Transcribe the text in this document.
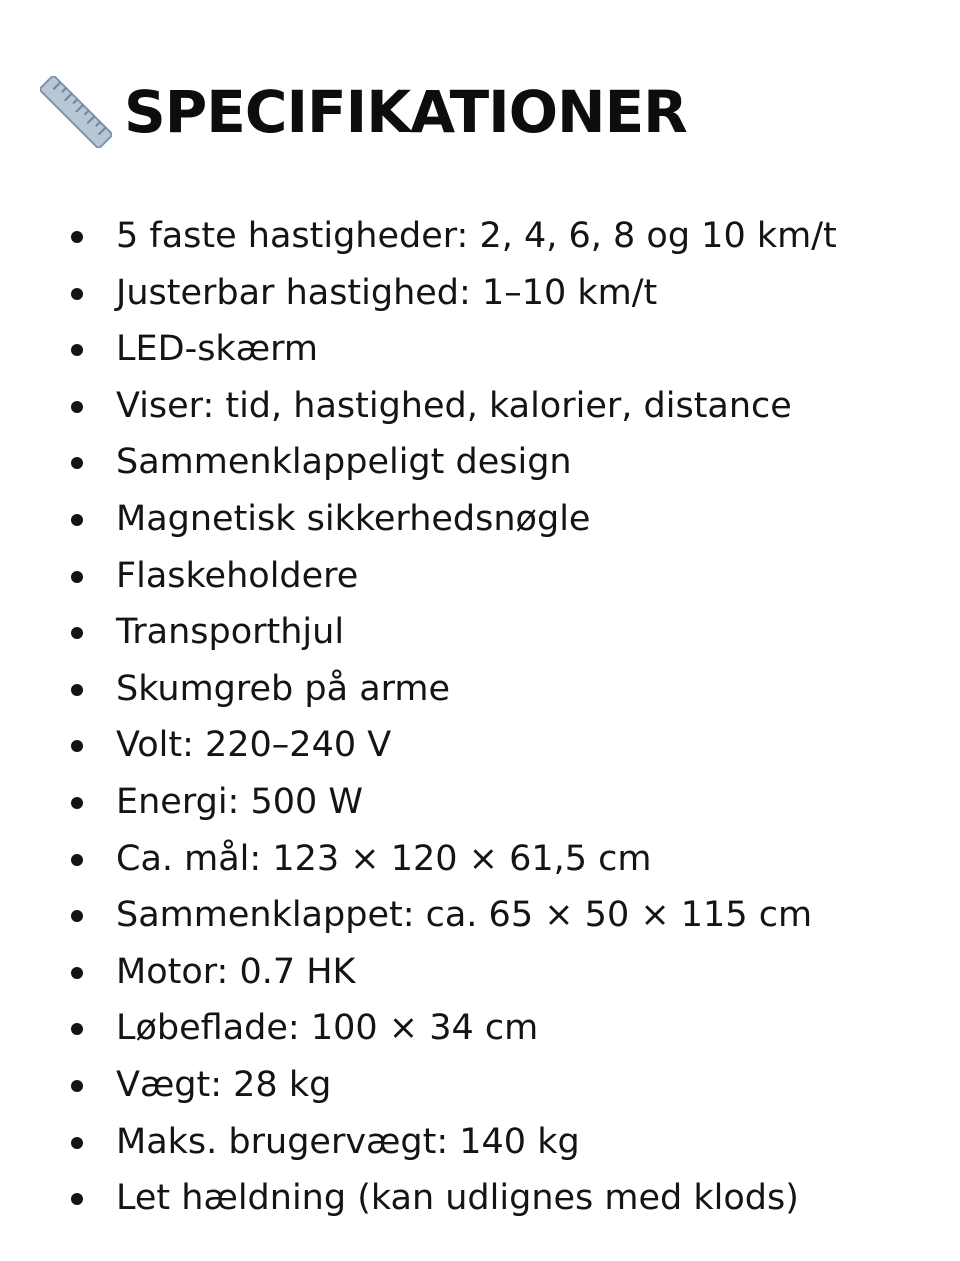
SPECIFIKATIONER
5 faste hastigheder: 2, 4, 6, 8 og 10 km/t
Justerbar hastighed: 1–10 km/t
LED-skærm
Viser: tid, hastighed, kalorier, distance
Sammenklappeligt design
Magnetisk sikkerhedsnøgle
Flaskeholdere
Transporthjul
Skumgreb på arme
Volt: 220–240 V
Energi: 500 W
Ca. mål: 123 × 120 × 61,5 cm
Sammenklappet: ca. 65 × 50 × 115 cm
Motor: 0.7 HK
Løbeflade: 100 × 34 cm
Vægt: 28 kg
Maks. brugervægt: 140 kg
Let hældning (kan udlignes med klods)
